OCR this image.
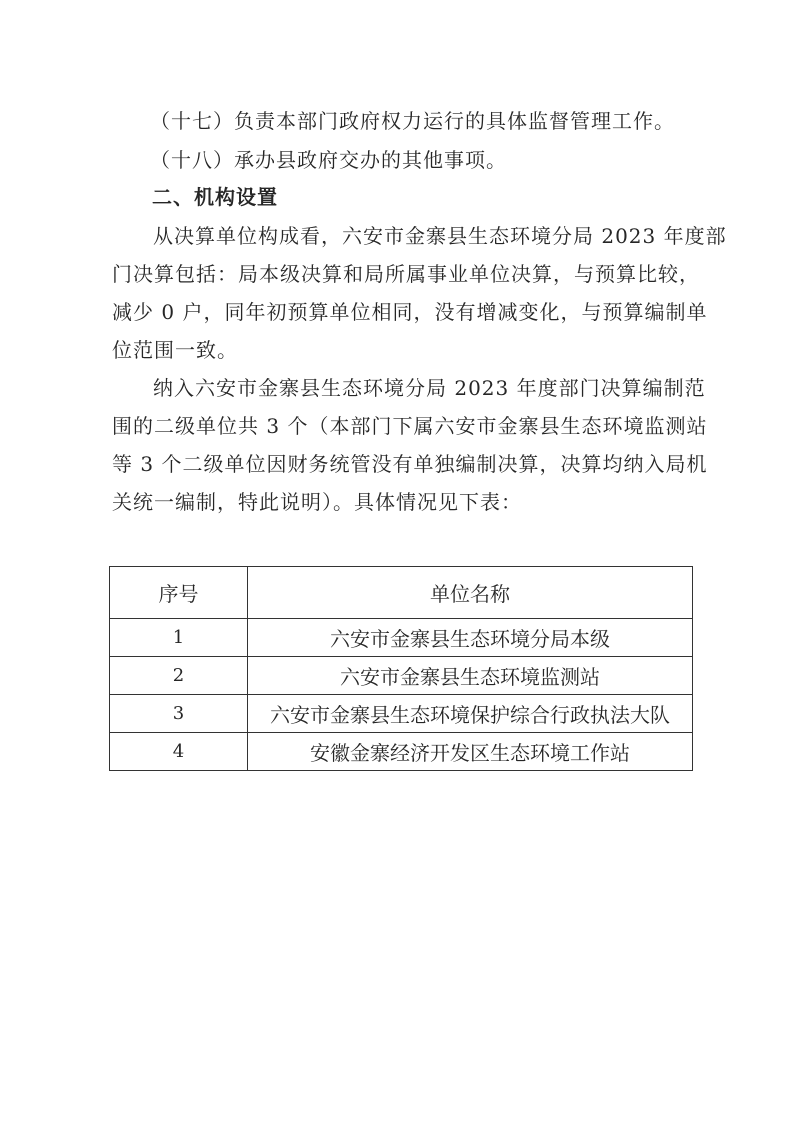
（十七）负责本部门政府权力运行的具体监督管理工作。
（十八）承办县政府交办的其他事项。
二、机构设置
从决算单位构成看，六安市金寨县生态环境分局 2023 年度部
门决算包括：局本级决算和局所属事业单位决算，与预算比较，
减少 0 户，同年初预算单位相同，没有增减变化，与预算编制单
位范围一致。
纳入六安市金寨县生态环境分局 2023 年度部门决算编制范
围的二级单位共 3 个（本部门下属六安市金寨县生态环境监测站
等 3 个二级单位因财务统管没有单独编制决算，决算均纳入局机
关统一编制，特此说明）。具体情况见下表：
序号	单位名称
1	六安市金寨县生态环境分局本级
2	六安市金寨县生态环境监测站
3	六安市金寨县生态环境保护综合行政执法大队
4	安徽金寨经济开发区生态环境工作站
